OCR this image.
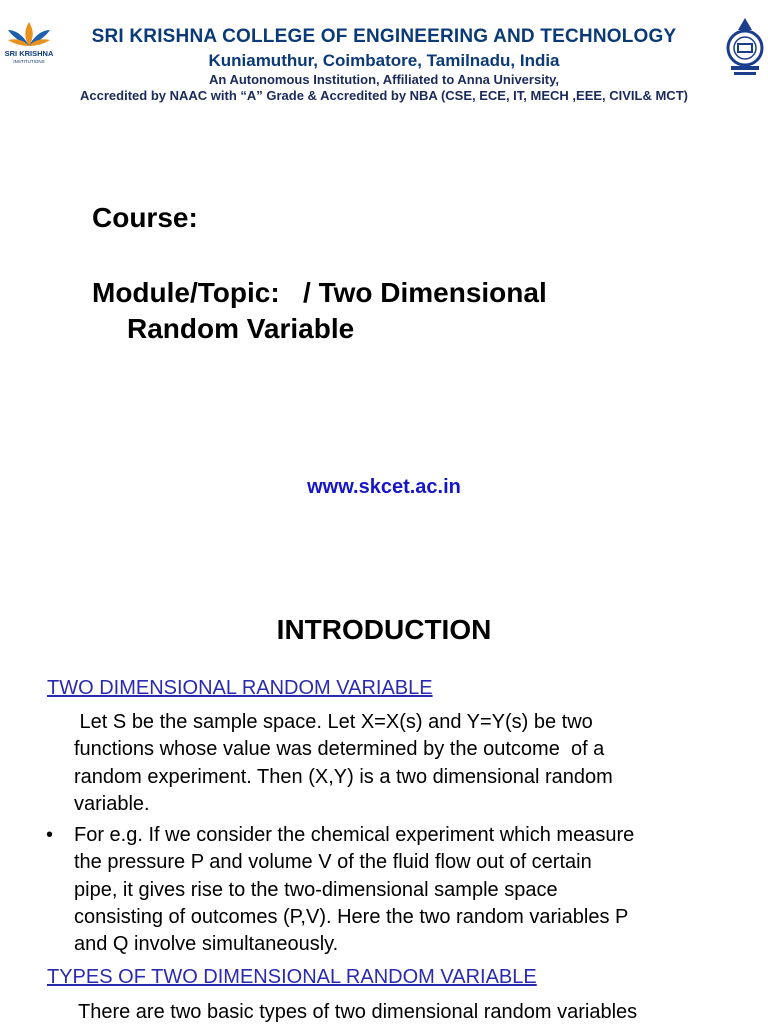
SRI KRISHNA
INSTITUTIONS
SRI KRISHNA COLLEGE OF ENGINEERING AND TECHNOLOGY
Kuniamuthur, Coimbatore, Tamilnadu, India
An Autonomous Institution, Affiliated to Anna University,
Accredited by NAAC with “A” Grade & Accredited by NBA (CSE, ECE, IT, MECH ,EEE, CIVIL& MCT)
Course:
Module/Topic:   / Two Dimensional
Random Variable
www.skcet.ac.in
INTRODUCTION
TWO DIMENSIONAL RANDOM VARIABLE
Let S be the sample space. Let X=X(s) and Y=Y(s) be two
functions whose value was determined by the outcome  of a
random experiment. Then (X,Y) is a two dimensional random
variable.
• For e.g. If we consider the chemical experiment which measure
the pressure P and volume V of the fluid flow out of certain
pipe, it gives rise to the two-dimensional sample space
consisting of outcomes (P,V). Here the two random variables P
and Q involve simultaneously.
TYPES OF TWO DIMENSIONAL RANDOM VARIABLE
There are two basic types of two dimensional random variables
